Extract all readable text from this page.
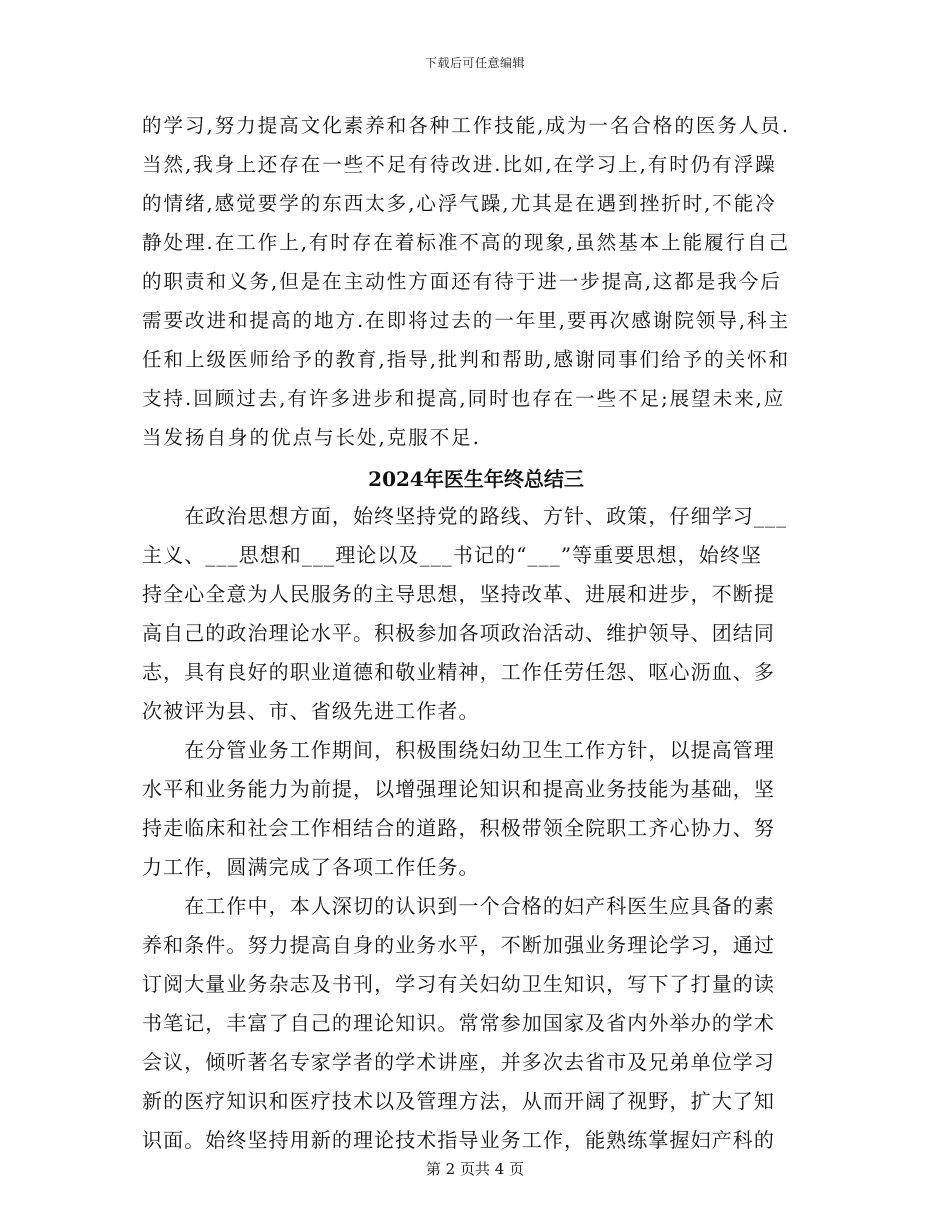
下载后可任意编辑
的学习,努力提高文化素养和各种工作技能,成为一名合格的医务人员.
当然,我身上还存在一些不足有待改进.比如,在学习上,有时仍有浮躁
的情绪,感觉要学的东西太多,心浮气躁,尤其是在遇到挫折时,不能冷
静处理.在工作上,有时存在着标准不高的现象,虽然基本上能履行自己
的职责和义务,但是在主动性方面还有待于进一步提高,这都是我今后
需要改进和提高的地方.在即将过去的一年里,要再次感谢院领导,科主
任和上级医师给予的教育,指导,批判和帮助,感谢同事们给予的关怀和
支持.回顾过去,有许多进步和提高,同时也存在一些不足;展望未来,应
当发扬自身的优点与长处,克服不足.
2024年医生年终总结三
　　在政治思想方面，始终坚持党的路线、方针、政策，仔细学习___
主义、___思想和___理论以及___书记的“___”等重要思想，始终坚
持全心全意为人民服务的主导思想，坚持改革、进展和进步，不断提
高自己的政治理论水平。积极参加各项政治活动、维护领导、团结同
志，具有良好的职业道德和敬业精神，工作任劳任怨、呕心沥血、多
次被评为县、市、省级先进工作者。
　　在分管业务工作期间，积极围绕妇幼卫生工作方针，以提高管理
水平和业务能力为前提，以增强理论知识和提高业务技能为基础，坚
持走临床和社会工作相结合的道路，积极带领全院职工齐心协力、努
力工作，圆满完成了各项工作任务。
　　在工作中，本人深切的认识到一个合格的妇产科医生应具备的素
养和条件。努力提高自身的业务水平，不断加强业务理论学习，通过
订阅大量业务杂志及书刊，学习有关妇幼卫生知识，写下了打量的读
书笔记，丰富了自己的理论知识。常常参加国家及省内外举办的学术
会议，倾听著名专家学者的学术讲座，并多次去省市及兄弟单位学习
新的医疗知识和医疗技术以及管理方法，从而开阔了视野，扩大了知
识面。始终坚持用新的理论技术指导业务工作，能熟练掌握妇产科的
第 2 页共 4 页
